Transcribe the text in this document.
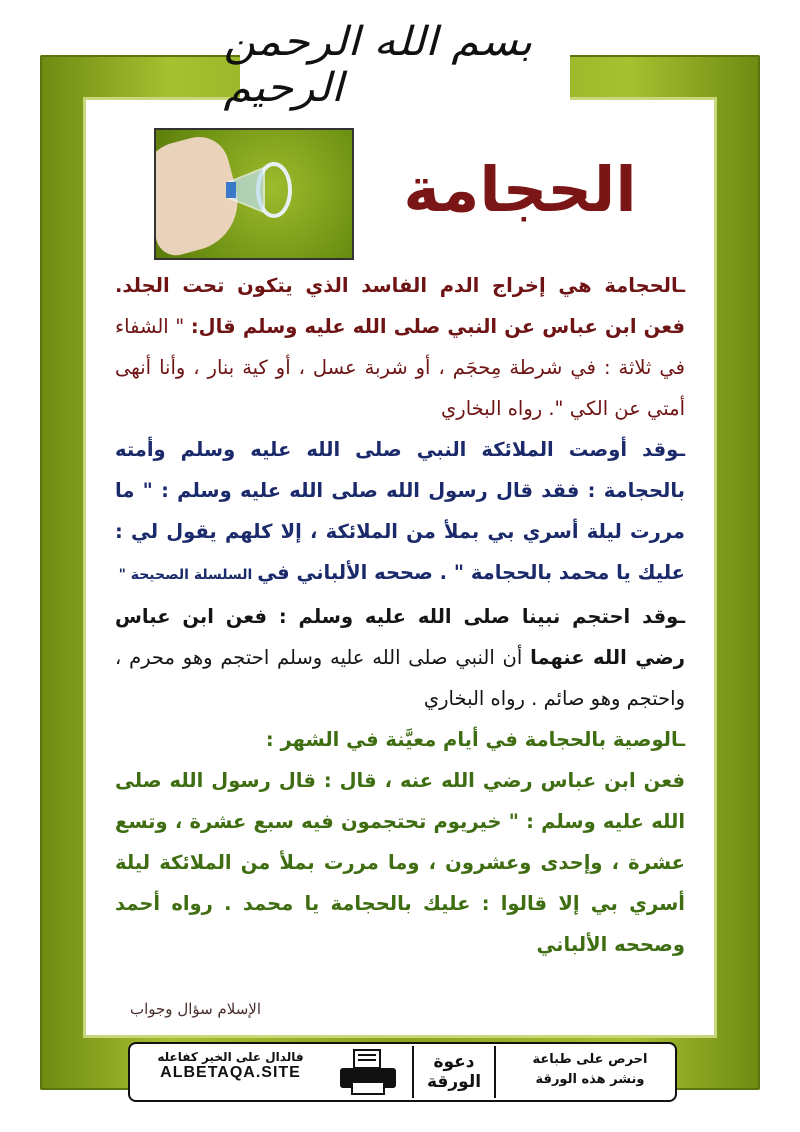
بسم الله الرحمن الرحيم
الحجامة

ـالحجامة هي إخراج الدم الفاسد الذي يتكون تحت الجلد. فعن ابن عباس عن النبي صلى الله عليه وسلم قال: " الشفاء في ثلاثة : في شرطة مِحجَم ، أو شربة عسل ، أو كية بنار ، وأنا أنهى أمتي عن الكي ". رواه البخاري

ـوقد أوصت الملائكة النبي صلى الله عليه وسلم وأمته بالحجامة : فقد قال رسول الله صلى الله عليه وسلم : " ما مررت ليلة أسري بي بملأ من الملائكة ، إلا كلهم يقول لي : عليك يا محمد بالحجامة " . صححه الألباني في السلسلة الصحيحة "

ـوقد احتجم نبينا صلى الله عليه وسلم : فعن ابن عباس رضي الله عنهما أن النبي صلى الله عليه وسلم احتجم وهو محرم ، واحتجم وهو صائم . رواه البخاري

ـالوصية بالحجامة في أيام معيَّنة في الشهر :
فعن ابن عباس رضي الله عنه ، قال : قال رسول الله صلى الله عليه وسلم : " خيريوم تحتجمون فيه سبع عشرة ، وتسع عشرة ، وإحدى وعشرون ، وما مررت بملأ من الملائكة ليلة أسري بي إلا قالوا : عليك بالحجامة يا محمد . رواه أحمد وصححه الألباني

الإسلام سؤال وجواب
احرص على طباعة
ونشر هذه الورقة
دعوة
الورقة
فالدال على الخير كفاعله
ALBETAQA.SITE
